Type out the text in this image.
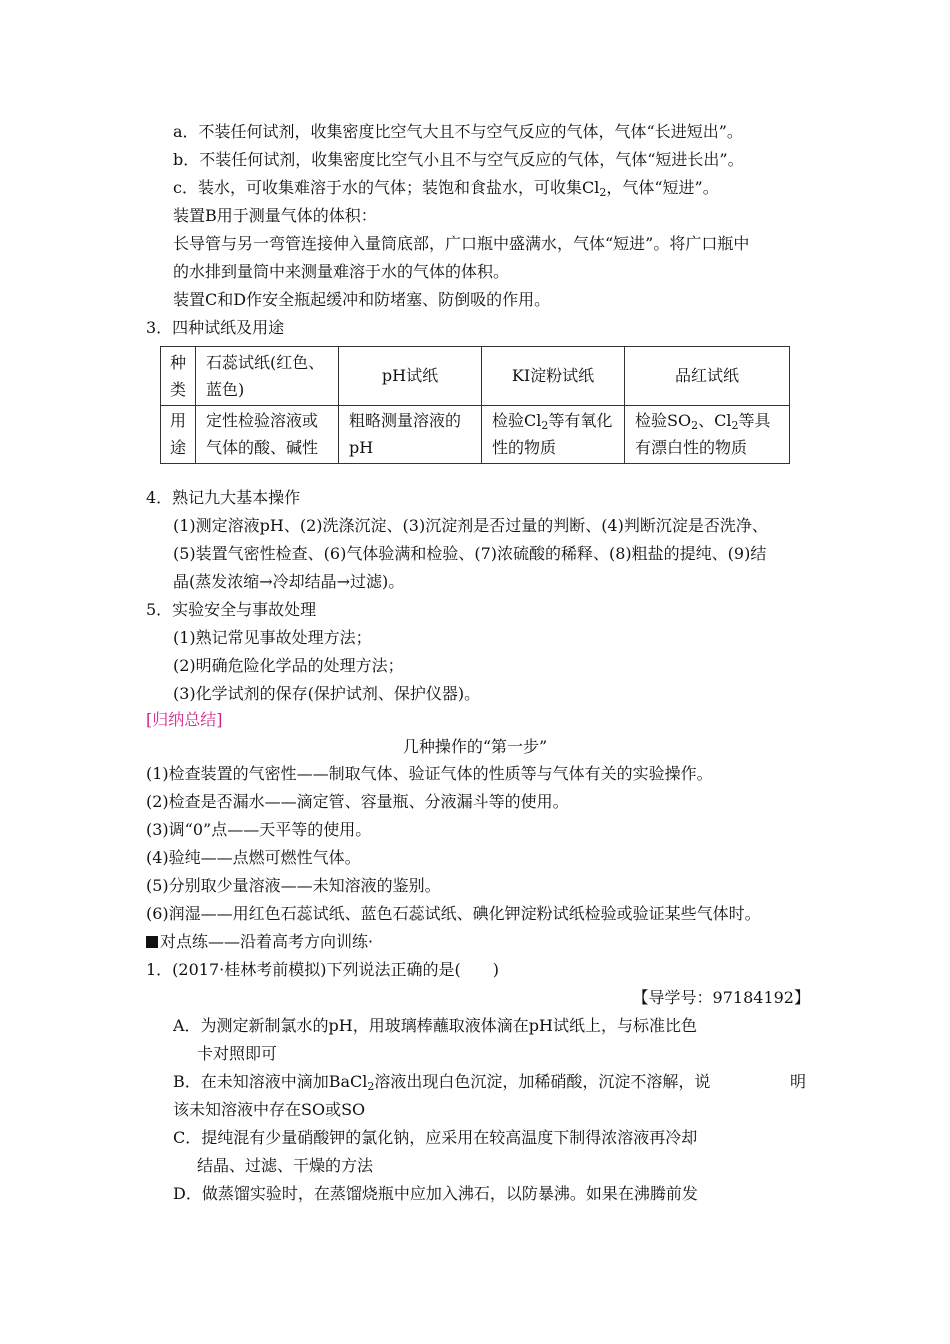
a．不装任何试剂，收集密度比空气大且不与空气反应的气体，气体“长进短出”。
b．不装任何试剂，收集密度比空气小且不与空气反应的气体，气体“短进长出”。
c．装水，可收集难溶于水的气体；装饱和食盐水，可收集$Cl_2$，气体“短进”。
装置B用于测量气体的体积：
长导管与另一弯管连接伸入量筒底部，广口瓶中盛满水，气体“短进”。将广口瓶中
的水排到量筒中来测量难溶于水的气体的体积。
装置C和D作安全瓶起缓冲和防堵塞、防倒吸的作用。
3．四种试纸及用途
种
类	石蕊试纸(红色、蓝色)	pH试纸	KI淀粉试纸	品红试纸
用
途	定性检验溶液或气体的酸、碱性	粗略测量溶液的pH	检验$Cl_2$等有氧化性的物质	检验$SO_2$、$Cl_2$等具有漂白性的物质
4．熟记九大基本操作
(1)测定溶液pH、(2)洗涤沉淀、(3)沉淀剂是否过量的判断、(4)判断沉淀是否洗净、
(5)装置气密性检查、(6)气体验满和检验、(7)浓硫酸的稀释、(8)粗盐的提纯、(9)结
晶(蒸发浓缩→冷却结晶→过滤)。
5．实验安全与事故处理
(1)熟记常见事故处理方法；
(2)明确危险化学品的处理方法；
(3)化学试剂的保存(保护试剂、保护仪器)。
[归纳总结]
几种操作的“第一步”
(1)检查装置的气密性——制取气体、验证气体的性质等与气体有关的实验操作。
(2)检查是否漏水——滴定管、容量瓶、分液漏斗等的使用。
(3)调“0”点——天平等的使用。
(4)验纯——点燃可燃性气体。
(5)分别取少量溶液——未知溶液的鉴别。
(6)润湿——用红色石蕊试纸、蓝色石蕊试纸、碘化钾淀粉试纸检验或验证某些气体时。
对点练——沿着高考方向训练·
1．(2017·桂林考前模拟)下列说法正确的是(　　)
【导学号：97184192】
A．为测定新制氯水的pH，用玻璃棒蘸取液体滴在pH试纸上，与标准比色
卡对照即可
B．在未知溶液中滴加BaCl$_2$溶液出现白色沉淀，加稀硝酸，沉淀不溶解，说	明
该未知溶液中存在SO或SO
C．提纯混有少量硝酸钾的氯化钠，应采用在较高温度下制得浓溶液再冷却
结晶、过滤、干燥的方法
D．做蒸馏实验时，在蒸馏烧瓶中应加入沸石，以防暴沸。如果在沸腾前发
